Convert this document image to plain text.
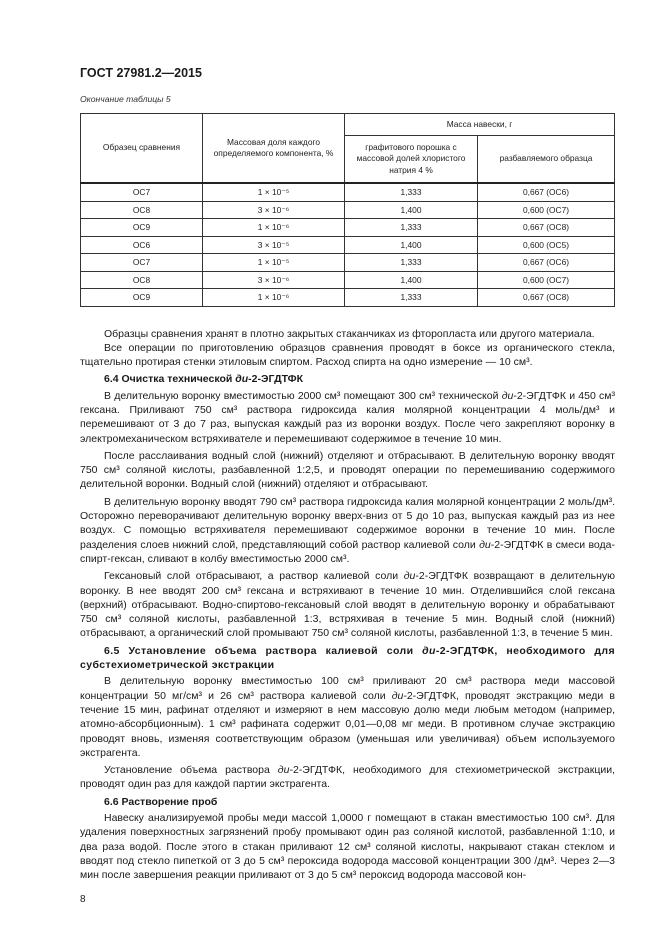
ГОСТ 27981.2—2015
Окончание таблицы 5
Образец сравнения	Массовая доля каждого определяемого компонента, %	Масса навески, г	
		графитового порошка с массовой долей хлористого натрия 4 %	разбавляемого образца
ОС7	1 × 10⁻⁵	1,333	0,667 (ОС6)
ОС8	3 × 10⁻⁶	1,400	0,600 (ОС7)
ОС9	1 × 10⁻⁶	1,333	0,667 (ОС8)
ОС6	3 × 10⁻⁵	1,400	0,600 (ОС5)
ОС7	1 × 10⁻⁵	1,333	0,667 (ОС6)
ОС8	3 × 10⁻⁶	1,400	0,600 (ОС7)
ОС9	1 × 10⁻⁶	1,333	0,667 (ОС8)

Образцы сравнения хранят в плотно закрытых стаканчиках из фторопласта или другого материала.

Все операции по приготовлению образцов сравнения проводят в боксе из органического стекла, тщательно протирая стенки этиловым спиртом. Расход спирта на одно измерение — 10 см³.

6.4 Очистка технической ди-2-ЭГДТФК

В делительную воронку вместимостью 2000 см³ помещают 300 см³ технической ди-2-ЭГДТФК и 450 см³ гексана. Приливают 750 см³ раствора гидроксида калия молярной концентрации 4 моль/дм³ и перемешивают от 3 до 7 раз, выпуская каждый раз из воронки воздух. После чего закрепляют воронку в электромеханическом встряхивателе и перемешивают содержимое в течение 10 мин.

После расслаивания водный слой (нижний) отделяют и отбрасывают. В делительную воронку вводят 750 см³ соляной кислоты, разбавленной 1:2,5, и проводят операции по перемешиванию содержимого делительной воронки. Водный слой (нижний) отделяют и отбрасывают.

В делительную воронку вводят 790 см³ раствора гидроксида калия молярной концентрации 2 моль/дм³. Осторожно переворачивают делительную воронку вверх-вниз от 5 до 10 раз, выпуская каждый раз из нее воздух. С помощью встряхивателя перемешивают содержимое воронки в течение 10 мин. После разделения слоев нижний слой, представляющий собой раствор калиевой соли ди-2-ЭГДТФК в смеси вода-спирт-гексан, сливают в колбу вместимостью 2000 см³.

Гексановый слой отбрасывают, а раствор калиевой соли ди-2-ЭГДТФК возвращают в делительную воронку. В нее вводят 200 см³ гексана и встряхивают в течение 10 мин. Отделившийся слой гексана (верхний) отбрасывают. Водно-спиртово-гексановый слой вводят в делительную воронку и обрабатывают 750 см³ соляной кислоты, разбавленной 1:3, встряхивая в течение 5 мин. Водный слой (нижний) отбрасывают, а органический слой промывают 750 см³ соляной кислоты, разбавленной 1:3, в течение 5 мин.

6.5 Установление объема раствора калиевой соли ди-2-ЭГДТФК, необходимого для субстехиометрической экстракции

В делительную воронку вместимостью 100 см³ приливают 20 см³ раствора меди массовой концентрации 50 мг/см³ и 26 см³ раствора калиевой соли ди-2-ЭГДТФК, проводят экстракцию меди в течение 15 мин, рафинат отделяют и измеряют в нем массовую долю меди любым методом (например, атомно-абсорбционным). 1 см³ рафината содержит 0,01—0,08 мг меди. В противном случае экстракцию проводят вновь, изменяя соответствующим образом (уменьшая или увеличивая) объем используемого экстрагента.

Установление объема раствора ди-2-ЭГДТФК, необходимого для стехиометрической экстракции, проводят один раз для каждой партии экстрагента.

6.6 Растворение проб

Навеску анализируемой пробы меди массой 1,0000 г помещают в стакан вместимостью 100 см³. Для удаления поверхностных загрязнений пробу промывают один раз соляной кислотой, разбавленной 1:10, и два раза водой. После этого в стакан приливают 12 см³ соляной кислоты, накрывают стакан стеклом и вводят под стекло пипеткой от 3 до 5 см³ пероксида водорода массовой концентрации 300 /дм³. Через 2—3 мин после завершения реакции приливают от 3 до 5 см³ пероксид водорода массовой кон-

8
